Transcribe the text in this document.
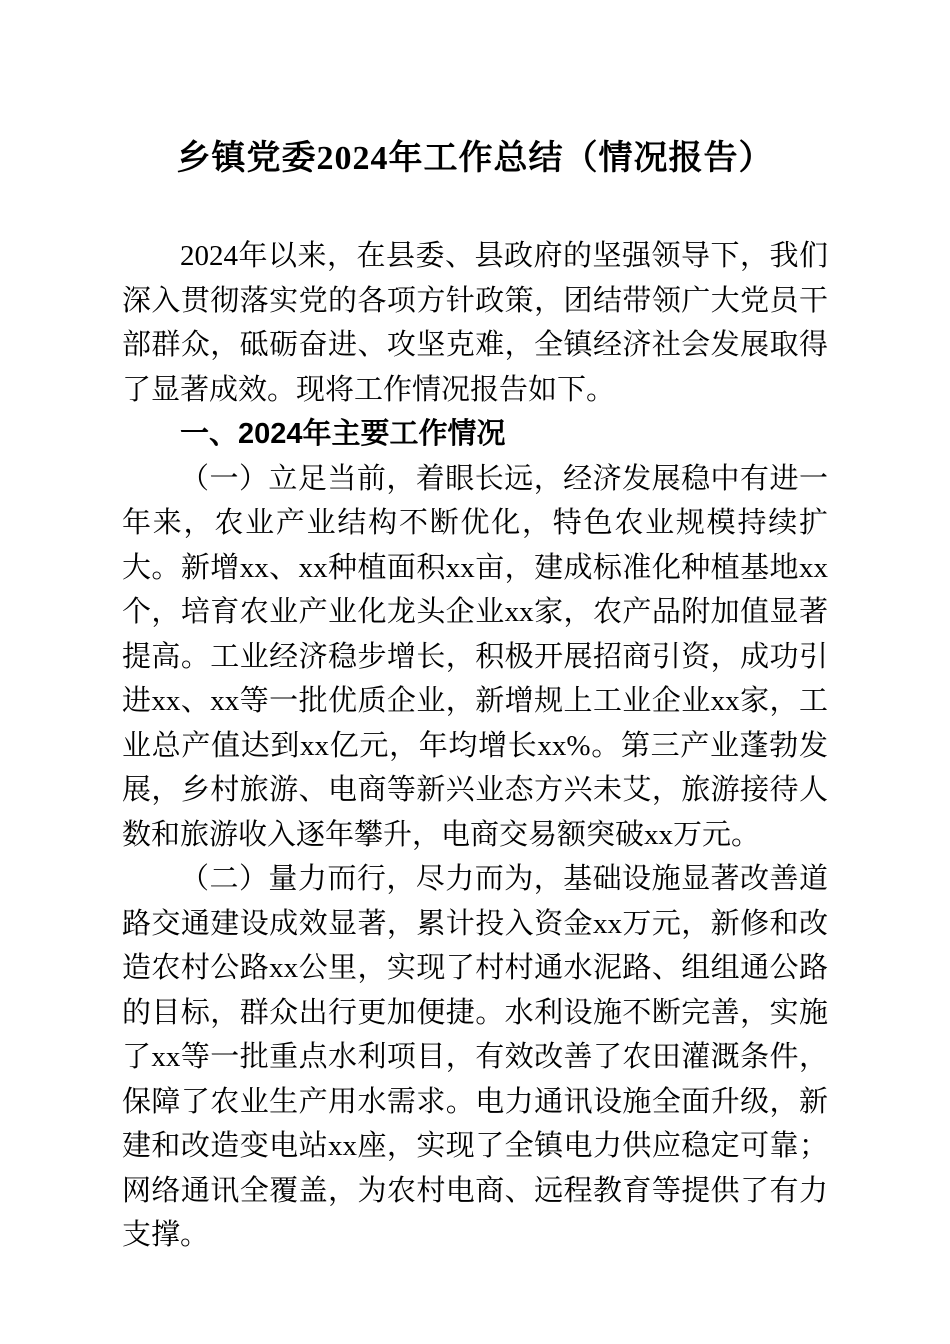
乡镇党委2024年工作总结（情况报告）

2024年以来，在县委、县政府的坚强领导下，我们深入贯彻落实党的各项方针政策，团结带领广大党员干部群众，砥砺奋进、攻坚克难，全镇经济社会发展取得了显著成效。现将工作情况报告如下。

一、2024年主要工作情况

（一）立足当前，着眼长远，经济发展稳中有进一年来，农业产业结构不断优化，特色农业规模持续扩大。新增xx、xx种植面积xx亩，建成标准化种植基地xx个，培育农业产业化龙头企业xx家，农产品附加值显著提高。工业经济稳步增长，积极开展招商引资，成功引进xx、xx等一批优质企业，新增规上工业企业xx家，工业总产值达到xx亿元，年均增长xx%。第三产业蓬勃发展，乡村旅游、电商等新兴业态方兴未艾，旅游接待人数和旅游收入逐年攀升，电商交易额突破xx万元。

（二）量力而行，尽力而为，基础设施显著改善道路交通建设成效显著，累计投入资金xx万元，新修和改造农村公路xx公里，实现了村村通水泥路、组组通公路的目标，群众出行更加便捷。水利设施不断完善，实施了xx等一批重点水利项目，有效改善了农田灌溉条件，保障了农业生产用水需求。电力通讯设施全面升级，新建和改造变电站xx座，实现了全镇电力供应稳定可靠；网络通讯全覆盖，为农村电商、远程教育等提供了有力支撑。
